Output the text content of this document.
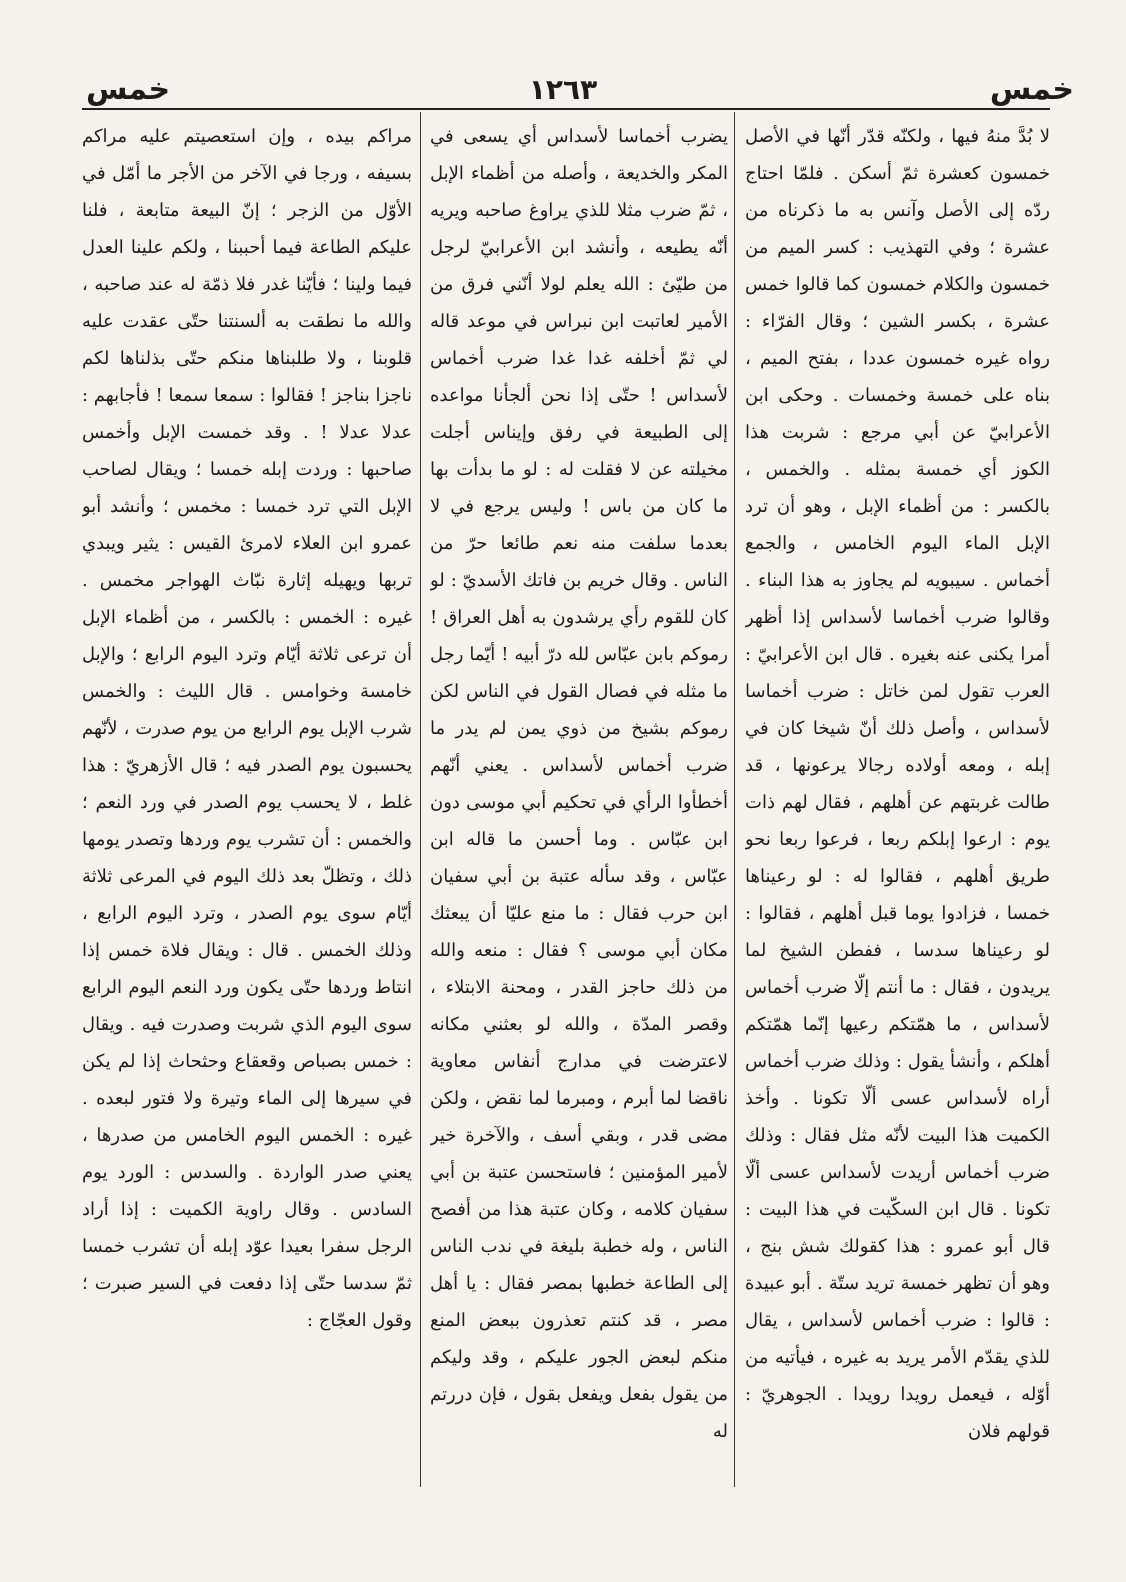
خمس
١٢٦٣
خمس

لا بُدَّ منهُ فيها ، ولكنّه قدّر أنّها في الأصل خمسون كعشرة ثمّ أسكن . فلمّا احتاج ردّه إلى الأصل وآنس به ما ذكرناه من عشرة ؛ وفي التهذيب : كسر الميم من خمسون والكلام خمسون كما قالوا خمس عشرة ، بكسر الشين ؛ وقال الفرّاء : رواه غيره خمسون عددا ، بفتح الميم ، بناه على خمسة وخمسات . وحكى ابن الأعرابيّ عن أبي مرجع : شربت هذا الكوز أي خمسة بمثله . والخمس ، بالكسر : من أظماء الإبل ، وهو أن ترد الإبل الماء اليوم الخامس ، والجمع أخماس . سيبويه لم يجاوز به هذا البناء . وقالوا ضرب أخماسا لأسداس إذا أظهر أمرا يكنى عنه بغيره . قال ابن الأعرابيّ : العرب تقول لمن خاتل : ضرب أخماسا لأسداس ، وأصل ذلك أنّ شيخا كان في إبله ، ومعه أولاده رجالا يرعونها ، قد طالت غربتهم عن أهلهم ، فقال لهم ذات يوم : ارعوا إبلكم ربعا ، فرعوا ربعا نحو طريق أهلهم ، فقالوا له : لو رعيناها خمسا ، فزادوا يوما قبل أهلهم ، فقالوا : لو رعيناها سدسا ، ففطن الشيخ لما يريدون ، فقال : ما أنتم إلّا ضرب أخماس لأسداس ، ما همّتكم رعيها إنّما همّتكم أهلكم ، وأنشأ يقول : وذلك ضرب أخماس أراه لأسداس عسى ألّا تكونا . وأخذ الكميت هذا البيت لأنّه مثل فقال : وذلك ضرب أخماس أريدت لأسداس عسى ألّا تكونا . قال ابن السكّيت في هذا البيت : قال أبو عمرو : هذا كقولك شش بنج ، وهو أن تظهر خمسة تريد ستّة . أبو عبيدة : قالوا : ضرب أخماس لأسداس ، يقال للذي يقدّم الأمر يريد به غيره ، فيأتيه من أوّله ، فيعمل رويدا رويدا . الجوهريّ : قولهم فلان

يضرب أخماسا لأسداس أي يسعى في المكر والخديعة ، وأصله من أظماء الإبل ، ثمّ ضرب مثلا للذي يراوغ صاحبه ويريه أنّه يطيعه ، وأنشد ابن الأعرابيّ لرجل من طيّئ : الله يعلم لولا أنّني فرق من الأمير لعاتبت ابن نبراس في موعد قاله لي ثمّ أخلفه غدا غدا ضرب أخماس لأسداس ! حتّى إذا نحن ألجأنا مواعده إلى الطبيعة في رفق وإيناس أجلت مخيلته عن لا فقلت له : لو ما بدأت بها ما كان من باس ! وليس يرجع في لا بعدما سلفت منه نعم طائعا حرّ من الناس . وقال خريم بن فاتك الأسديّ : لو كان للقوم رأي يرشدون به أهل العراق ! رموكم بابن عبّاس لله درّ أبيه ! أيّما رجل ما مثله في فصال القول في الناس لكن رموكم بشيخ من ذوي يمن لم يدر ما ضرب أخماس لأسداس . يعني أنّهم أخطأوا الرأي في تحكيم أبي موسى دون ابن عبّاس . وما أحسن ما قاله ابن عبّاس ، وقد سأله عتبة بن أبي سفيان ابن حرب فقال : ما منع عليّا أن يبعثك مكان أبي موسى ؟ فقال : منعه والله من ذلك حاجز القدر ، ومحنة الابتلاء ، وقصر المدّة ، والله لو بعثني مكانه لاعترضت في مدارج أنفاس معاوية ناقضا لما أبرم ، ومبرما لما نقض ، ولكن مضى قدر ، وبقي أسف ، والآخرة خير لأمير المؤمنين ؛ فاستحسن عتبة بن أبي سفيان كلامه ، وكان عتبة هذا من أفصح الناس ، وله خطبة بليغة في ندب الناس إلى الطاعة خطبها بمصر فقال : يا أهل مصر ، قد كنتم تعذرون ببعض المنع منكم لبعض الجور عليكم ، وقد وليكم من يقول بفعل ويفعل بقول ، فإن دررتم له

مراكم بيده ، وإن استعصيتم عليه مراكم بسيفه ، ورجا في الآخر من الأجر ما أمّل في الأوّل من الزجر ؛ إنّ البيعة متابعة ، فلنا عليكم الطاعة فيما أحببنا ، ولكم علينا العدل فيما ولينا ؛ فأيّنا غدر فلا ذمّة له عند صاحبه ، والله ما نطقت به ألسنتنا حتّى عقدت عليه قلوبنا ، ولا طلبناها منكم حتّى بذلناها لكم ناجزا بناجز ! فقالوا : سمعا سمعا ! فأجابهم : عدلا عدلا ! . وقد خمست الإبل وأخمس صاحبها : وردت إبله خمسا ؛ ويقال لصاحب الإبل التي ترد خمسا : مخمس ؛ وأنشد أبو عمرو ابن العلاء لامرئ القيس : يثير ويبدي تربها ويهيله إثارة نبّاث الهواجر مخمس . غيره : الخمس : بالكسر ، من أظماء الإبل أن ترعى ثلاثة أيّام وترد اليوم الرابع ؛ والإبل خامسة وخوامس . قال الليث : والخمس شرب الإبل يوم الرابع من يوم صدرت ، لأنّهم يحسبون يوم الصدر فيه ؛ قال الأزهريّ : هذا غلط ، لا يحسب يوم الصدر في ورد النعم ؛ والخمس : أن تشرب يوم وردها وتصدر يومها ذلك ، وتظلّ بعد ذلك اليوم في المرعى ثلاثة أيّام سوى يوم الصدر ، وترد اليوم الرابع ، وذلك الخمس . قال : ويقال فلاة خمس إذا انتاط وردها حتّى يكون ورد النعم اليوم الرابع سوى اليوم الذي شربت وصدرت فيه . ويقال : خمس بصباص وقعقاع وحثحاث إذا لم يكن في سيرها إلى الماء وتيرة ولا فتور لبعده . غيره : الخمس اليوم الخامس من صدرها ، يعني صدر الواردة . والسدس : الورد يوم السادس . وقال راوية الكميت : إذا أراد الرجل سفرا بعيدا عوّد إبله أن تشرب خمسا ثمّ سدسا حتّى إذا دفعت في السير صبرت ؛ وقول العجّاج :
